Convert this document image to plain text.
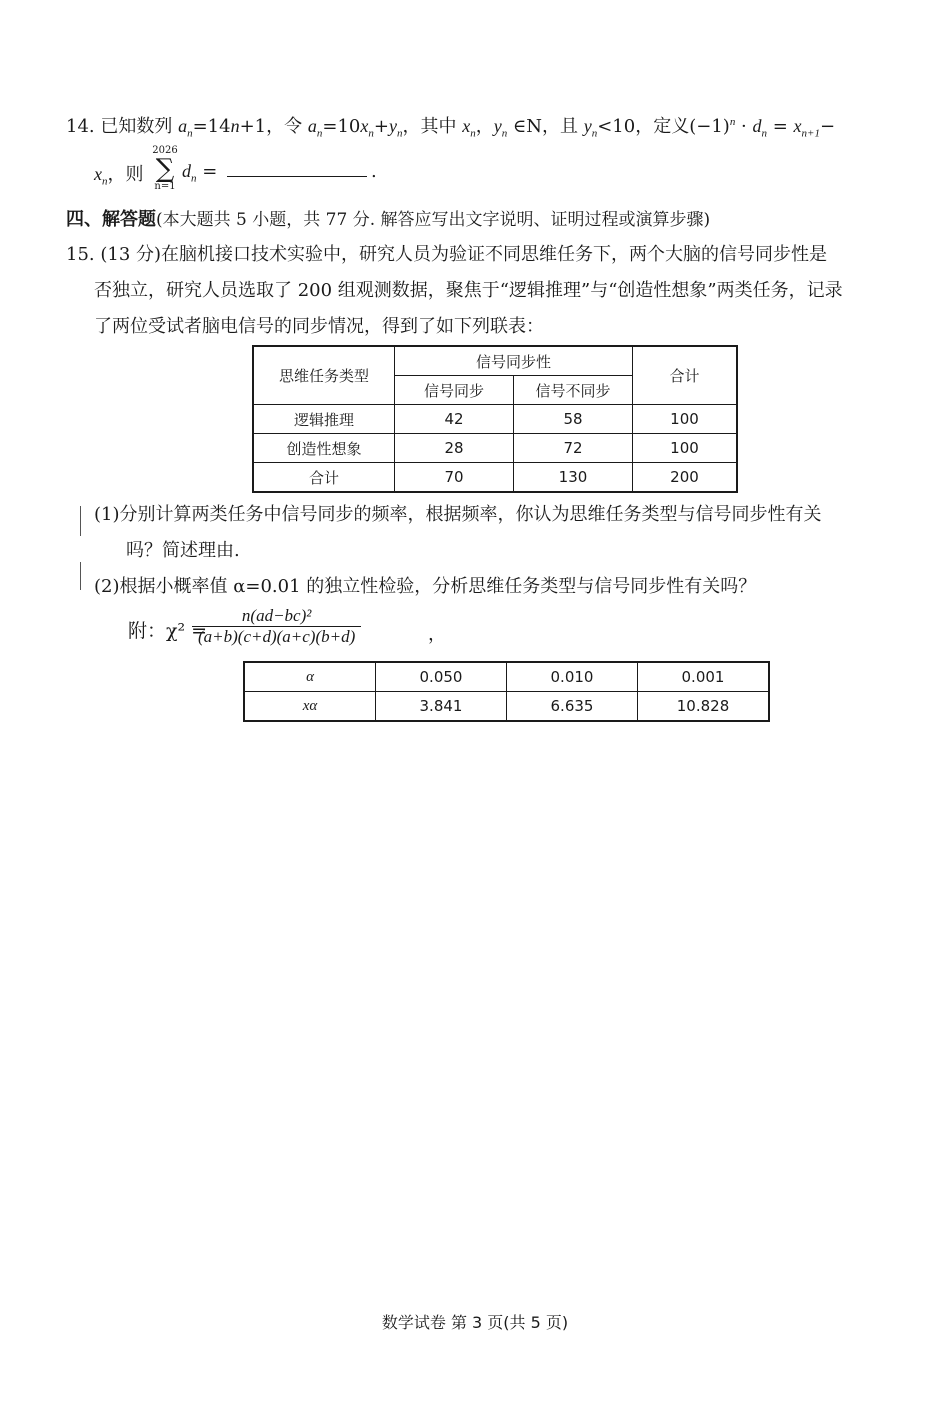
14. 已知数列 $a_n=14n+1$，令 $a_n=10x_n+y_n$，其中 $x_n$，$y_n$ ∈N，且 $y_n<10$，定义$(-1)^n \cdot d_n = x_{n+1}-$
$x_n$，则
2026
∑
n=1
$d_n$ =	.
四、解答题(本大题共 5 小题，共 77 分. 解答应写出文字说明、证明过程或演算步骤)
15. (13 分)在脑机接口技术实验中，研究人员为验证不同思维任务下，两个大脑的信号同步性是
否独立，研究人员选取了 200 组观测数据，聚焦于“逻辑推理”与“创造性想象”两类任务，记录
了两位受试者脑电信号的同步情况，得到了如下列联表：
思维任务类型	信号同步性		合计
	信号同步	信号不同步	
逻辑推理	42	58	100
创造性想象	28	72	100
合计	70	130	200
(1)分别计算两类任务中信号同步的频率，根据频率，你认为思维任务类型与信号同步性有关
吗？简述理由.
(2)根据小概率值 α=0.01 的独立性检验，分析思维任务类型与信号同步性有关吗？
附：χ² =
$\frac{\text{n(ad−bc)²}}{(a+b)(c+d)(a+c)(b+d)}$	，
α	0.050	0.010	0.001
xα	3.841	6.635	10.828
数学试卷 第 3 页(共 5 页)
